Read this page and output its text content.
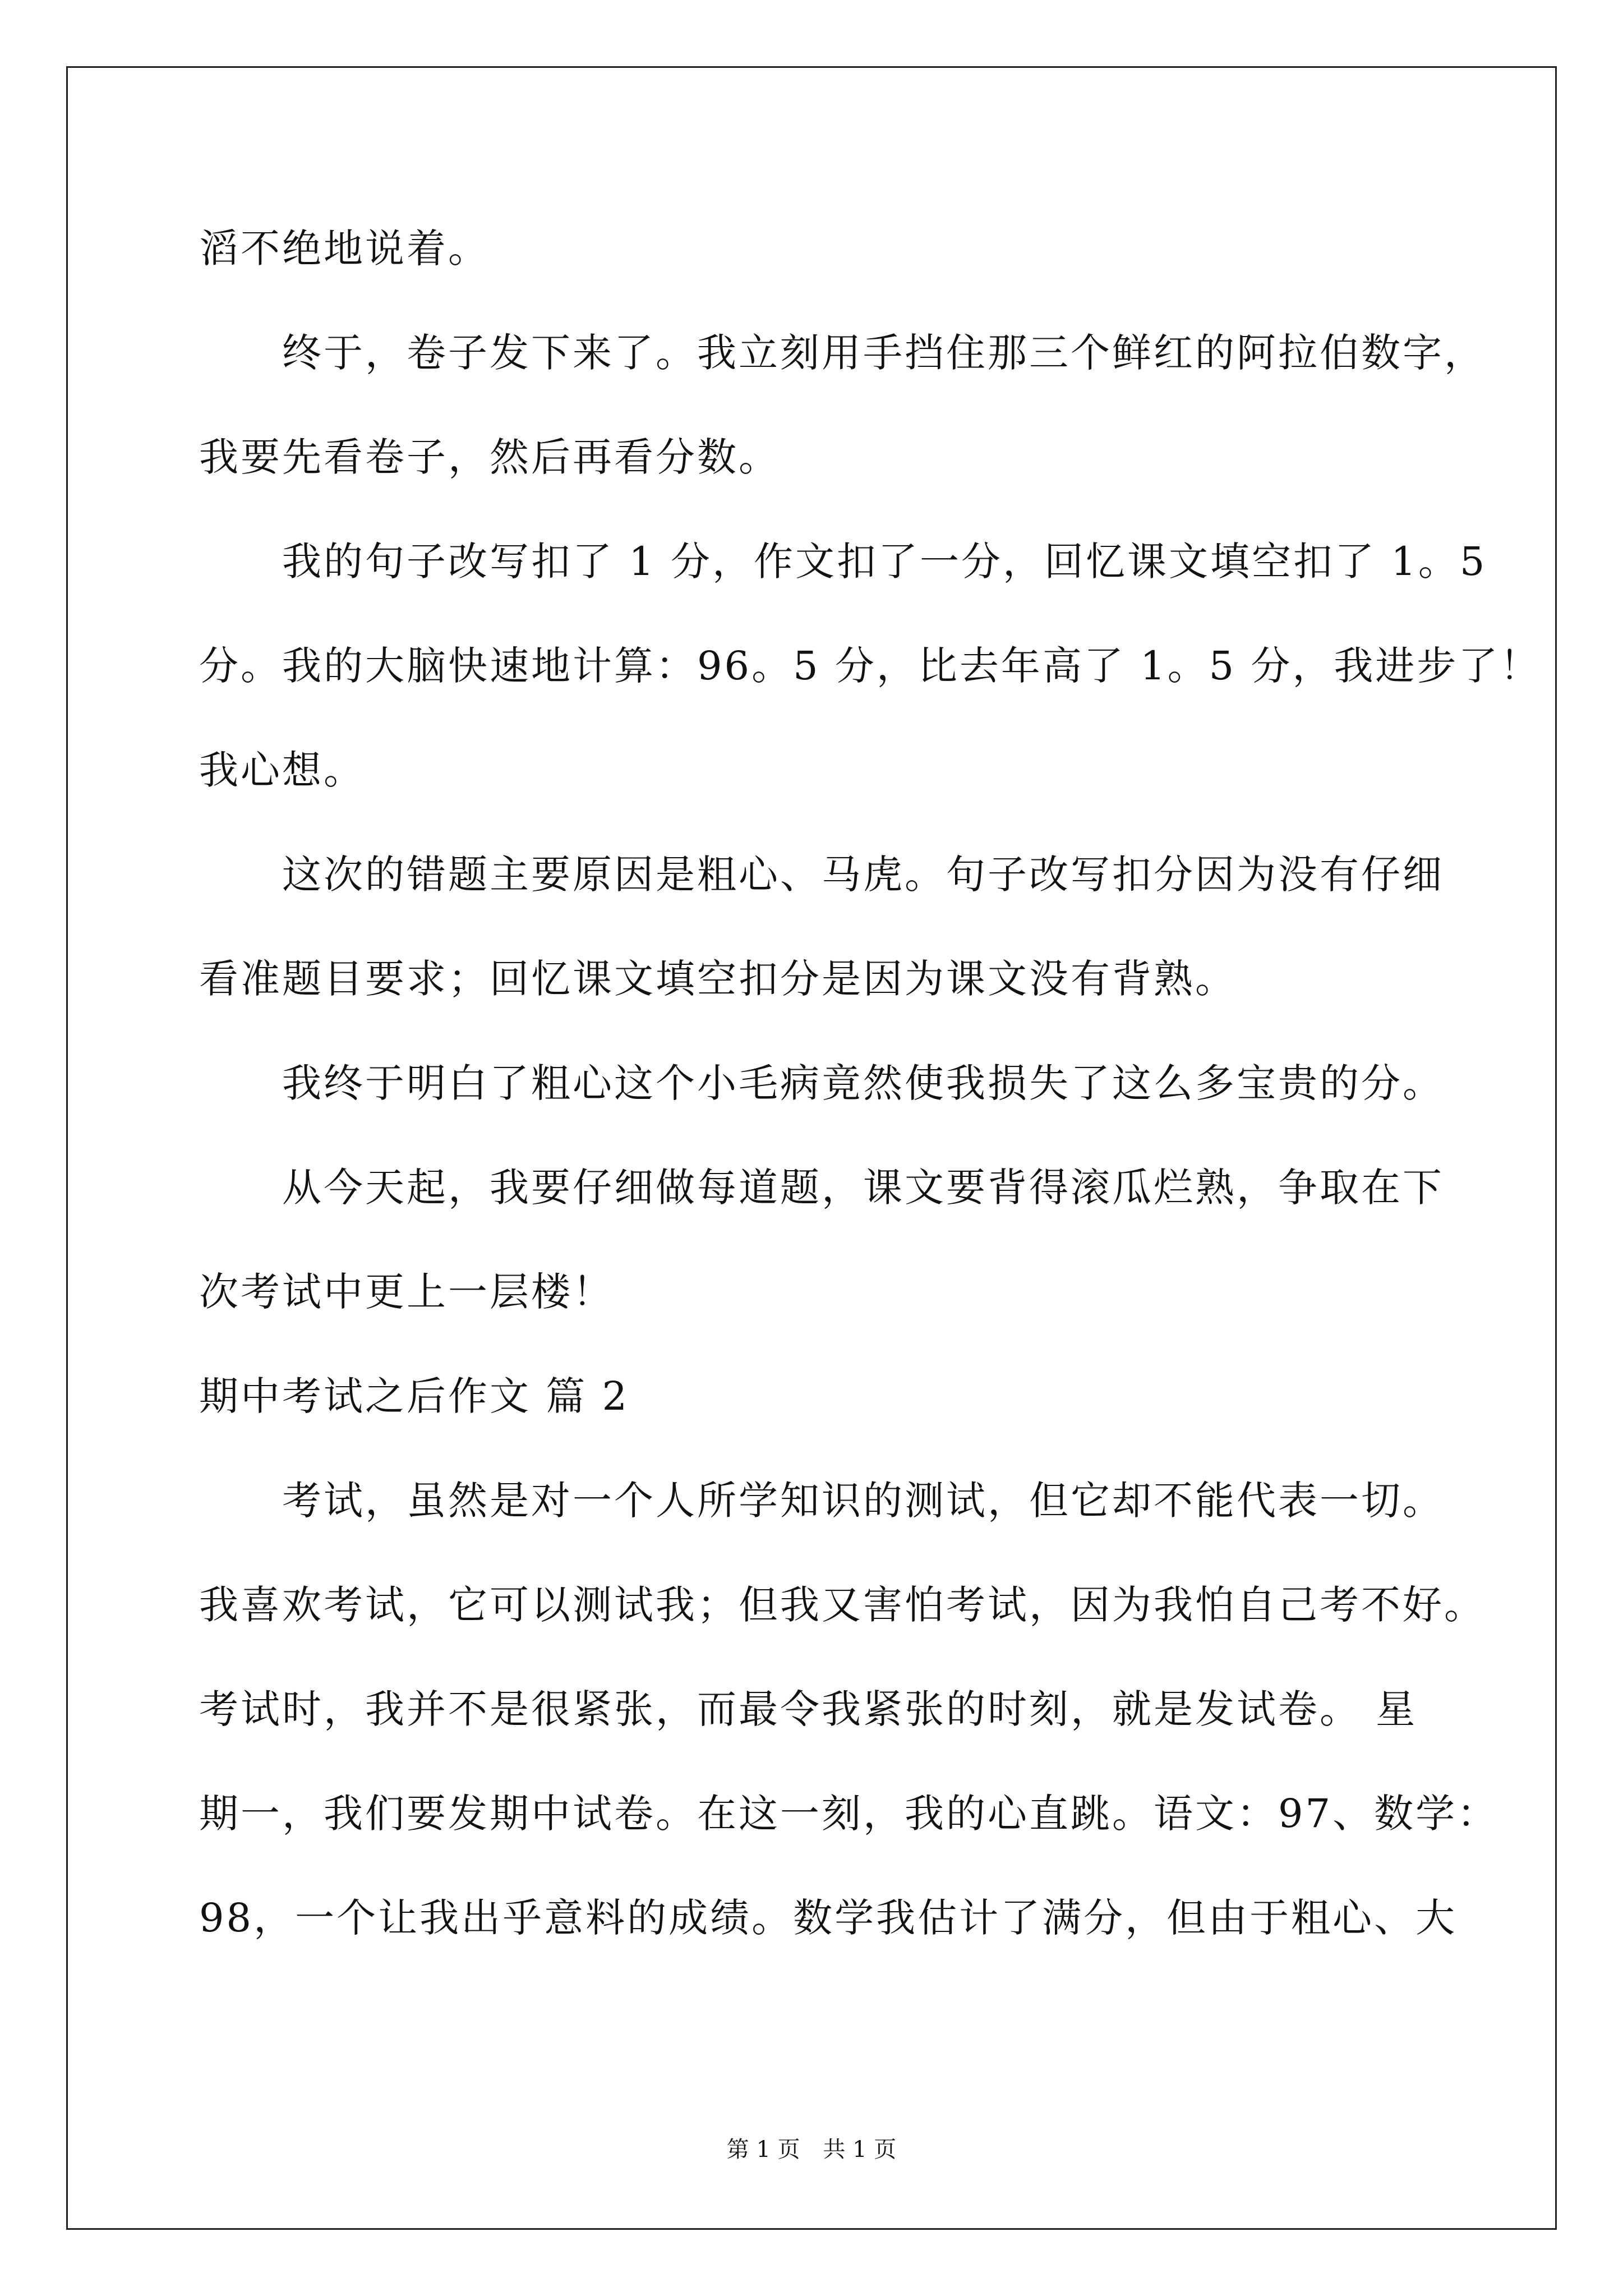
滔不绝地说着。
终于，卷子发下来了。我立刻用手挡住那三个鲜红的阿拉伯数字，
我要先看卷子，然后再看分数。
我的句子改写扣了 1 分，作文扣了一分，回忆课文填空扣了 1。5
分。我的大脑快速地计算：96。5 分，比去年高了 1。5 分，我进步了！
我心想。
这次的错题主要原因是粗心、马虎。句子改写扣分因为没有仔细
看准题目要求；回忆课文填空扣分是因为课文没有背熟。
我终于明白了粗心这个小毛病竟然使我损失了这么多宝贵的分。
从今天起，我要仔细做每道题，课文要背得滚瓜烂熟，争取在下
次考试中更上一层楼！
期中考试之后作文 篇 2
考试，虽然是对一个人所学知识的测试，但它却不能代表一切。
我喜欢考试，它可以测试我；但我又害怕考试，因为我怕自己考不好。
考试时，我并不是很紧张，而最令我紧张的时刻，就是发试卷。 星
期一，我们要发期中试卷。在这一刻，我的心直跳。语文：97、数学：
98，一个让我出乎意料的成绩。数学我估计了满分，但由于粗心、大
第 1 页 共 1 页
